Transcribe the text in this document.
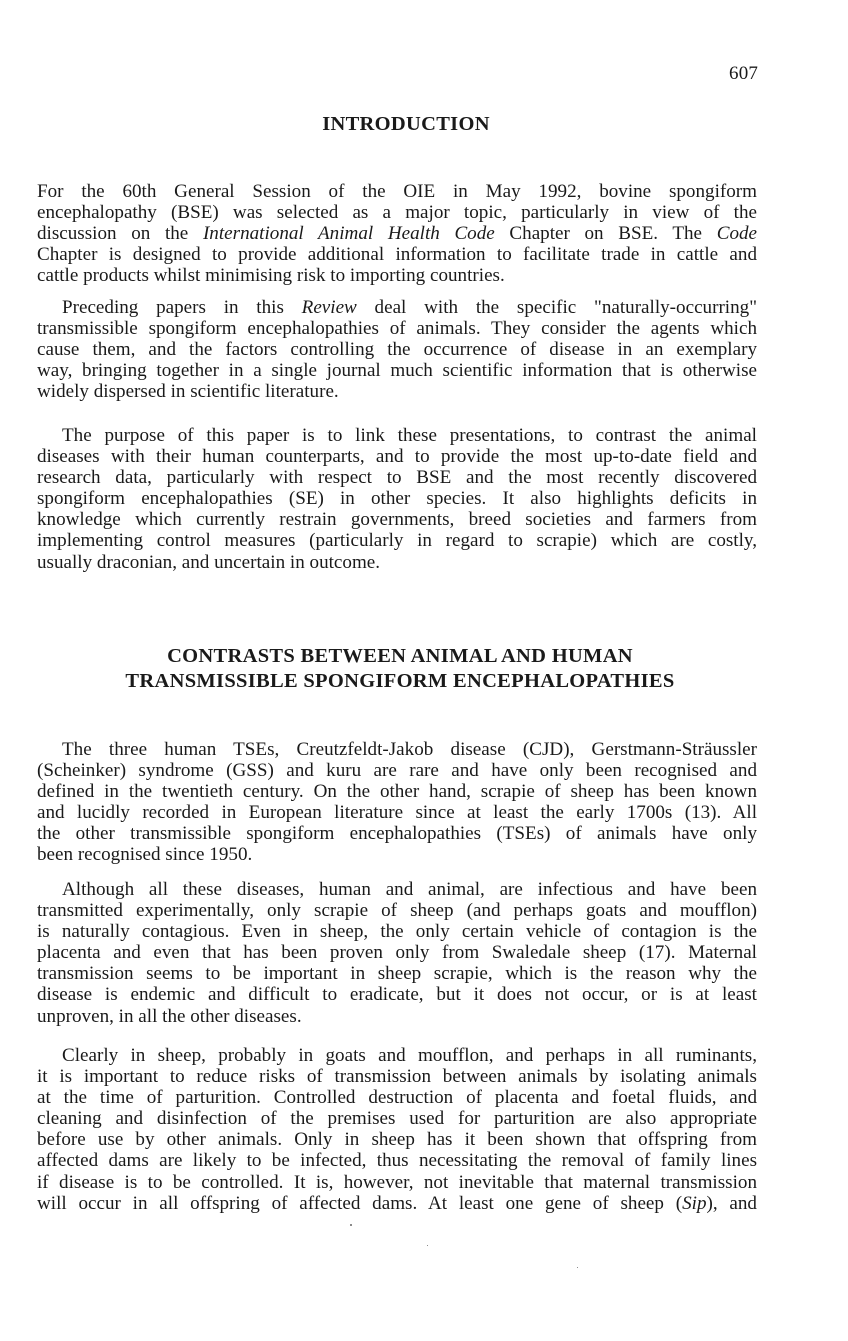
607
INTRODUCTION
For the 60th General Session of the OIE in May 1992, bovine spongiform
encephalopathy (BSE) was selected as a major topic, particularly in view of the
discussion on the International Animal Health Code Chapter on BSE. The Code
Chapter is designed to provide additional information to facilitate trade in cattle and
cattle products whilst minimising risk to importing countries.
Preceding papers in this Review deal with the specific "naturally-occurring"
transmissible spongiform encephalopathies of animals. They consider the agents which
cause them, and the factors controlling the occurrence of disease in an exemplary
way, bringing together in a single journal much scientific information that is otherwise
widely dispersed in scientific literature.
The purpose of this paper is to link these presentations, to contrast the animal
diseases with their human counterparts, and to provide the most up-to-date field and
research data, particularly with respect to BSE and the most recently discovered
spongiform encephalopathies (SE) in other species. It also highlights deficits in
knowledge which currently restrain governments, breed societies and farmers from
implementing control measures (particularly in regard to scrapie) which are costly,
usually draconian, and uncertain in outcome.
CONTRASTS BETWEEN ANIMAL AND HUMAN
TRANSMISSIBLE SPONGIFORM ENCEPHALOPATHIES
The three human TSEs, Creutzfeldt-Jakob disease (CJD), Gerstmann-Sträussler
(Scheinker) syndrome (GSS) and kuru are rare and have only been recognised and
defined in the twentieth century. On the other hand, scrapie of sheep has been known
and lucidly recorded in European literature since at least the early 1700s (13). All
the other transmissible spongiform encephalopathies (TSEs) of animals have only
been recognised since 1950.
Although all these diseases, human and animal, are infectious and have been
transmitted experimentally, only scrapie of sheep (and perhaps goats and moufflon)
is naturally contagious. Even in sheep, the only certain vehicle of contagion is the
placenta and even that has been proven only from Swaledale sheep (17). Maternal
transmission seems to be important in sheep scrapie, which is the reason why the
disease is endemic and difficult to eradicate, but it does not occur, or is at least
unproven, in all the other diseases.
Clearly in sheep, probably in goats and moufflon, and perhaps in all ruminants,
it is important to reduce risks of transmission between animals by isolating animals
at the time of parturition. Controlled destruction of placenta and foetal fluids, and
cleaning and disinfection of the premises used for parturition are also appropriate
before use by other animals. Only in sheep has it been shown that offspring from
affected dams are likely to be infected, thus necessitating the removal of family lines
if disease is to be controlled. It is, however, not inevitable that maternal transmission
will occur in all offspring of affected dams. At least one gene of sheep (Sip), and
